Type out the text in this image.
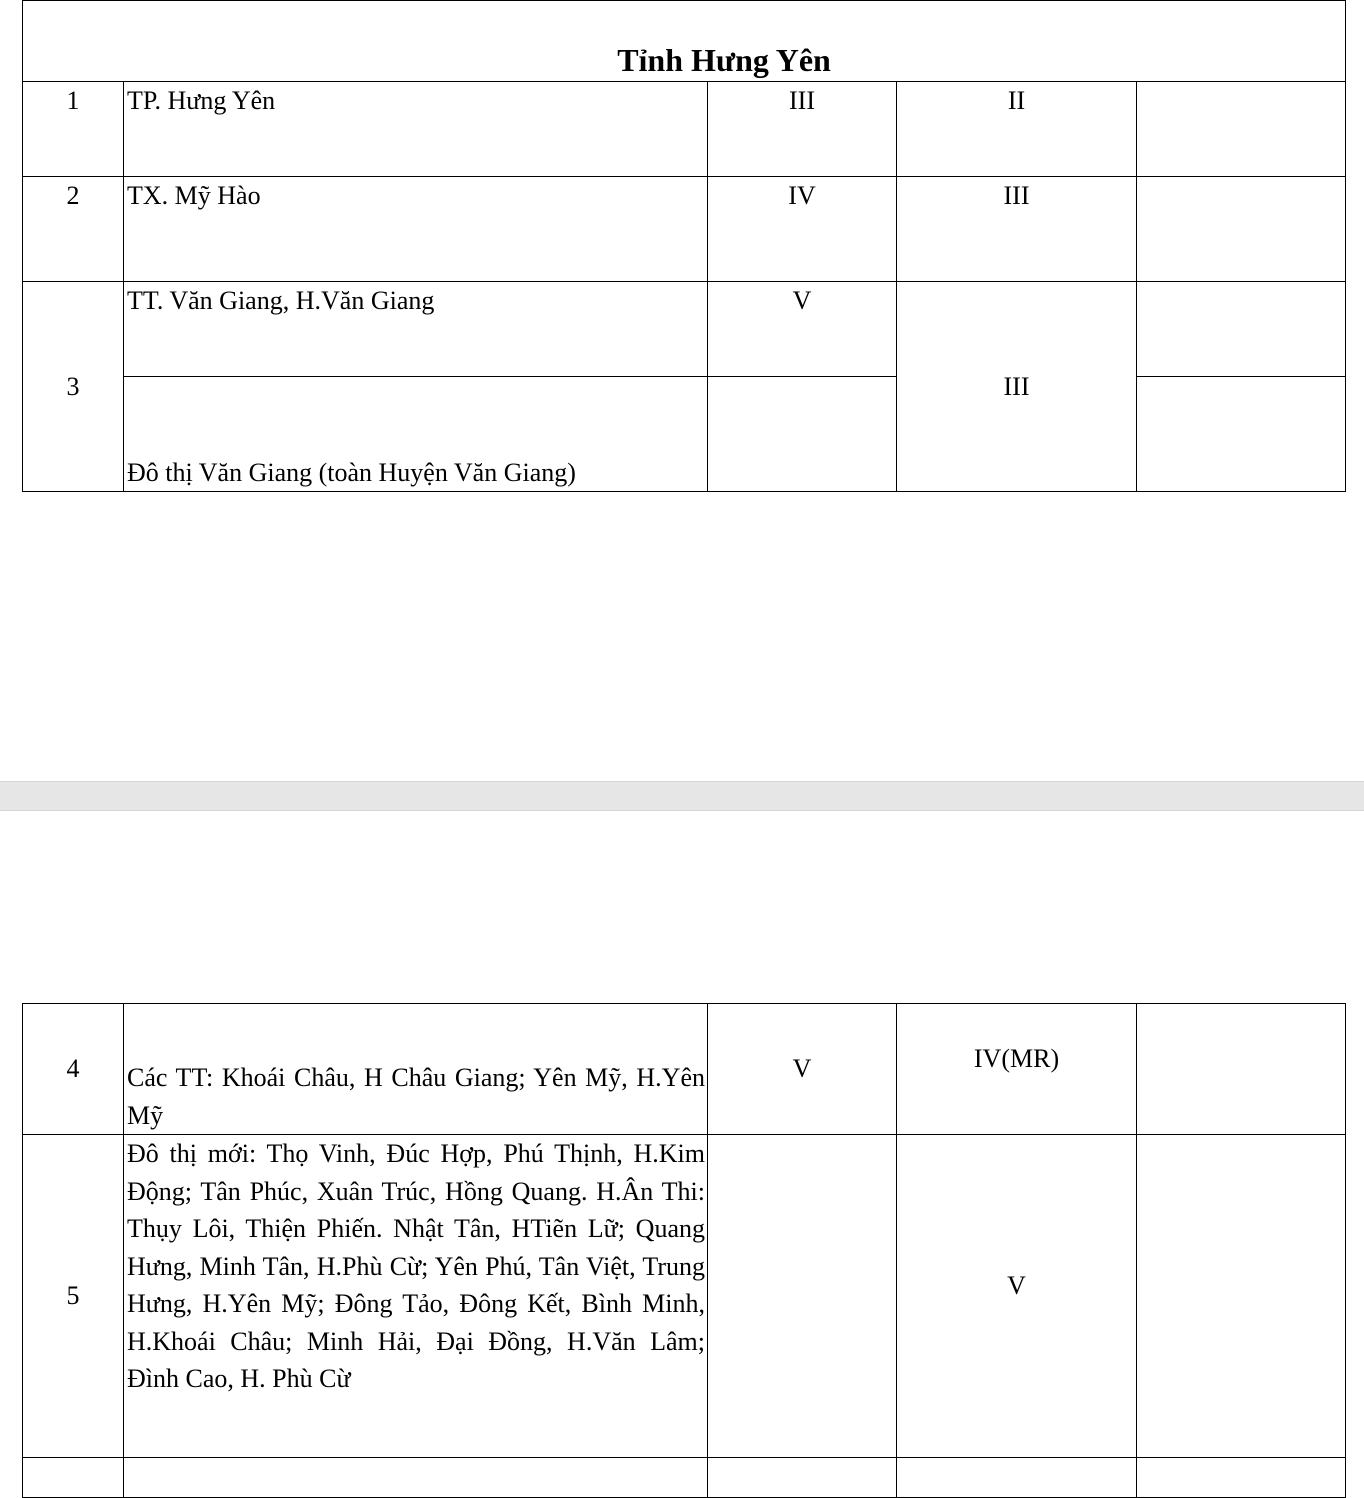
Tỉnh Hưng Yên				
1	TP. Hưng Yên	III	II	
2	TX. Mỹ Hào	IV	III	
3	TT. Văn Giang, H.Văn Giang	V	III	
	Đô thị Văn Giang (toàn Huyện Văn Giang)			
4	Các TT: Khoái Châu, H Châu Giang; Yên Mỹ, H.Yên Mỹ	V	IV(MR)	
5	Đô thị mới: Thọ Vinh, Đúc Hợp, Phú Thịnh, H.Kim Động; Tân Phúc, Xuân Trúc, Hồng Quang. H.Ân Thi: Thụy Lôi, Thiện Phiến. Nhật Tân, HTiẽn Lữ; Quang Hưng, Minh Tân, H.Phù Cừ; Yên Phú, Tân Việt, Trung Hưng, H.Yên Mỹ; Đông Tảo, Đông Kết, Bình Minh, H.Khoái Châu; Minh Hải, Đại Đồng, H.Văn Lâm; Đình Cao, H. Phù Cừ		V	
